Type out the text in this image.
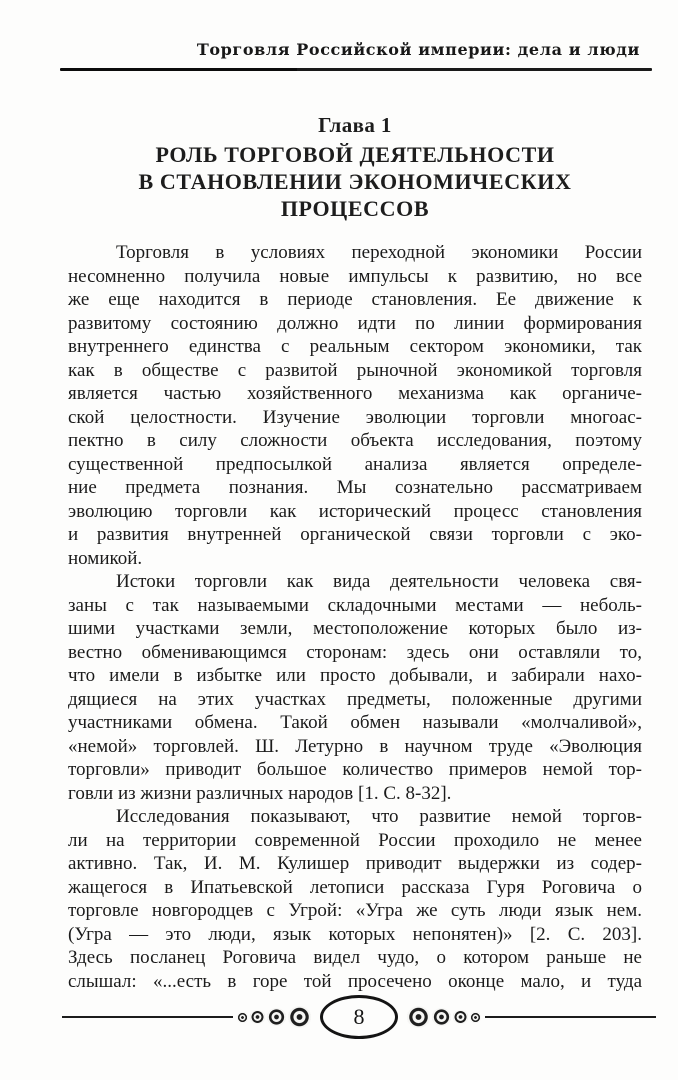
Торговля Российской империи: дела и люди
Глава 1
РОЛЬ ТОРГОВОЙ ДЕЯТЕЛЬНОСТИ
В СТАНОВЛЕНИИ ЭКОНОМИЧЕСКИХ
ПРОЦЕССОВ
Торговля в условиях переходной экономики России
несомненно получила новые импульсы к развитию, но все
же еще находится в периоде становления. Ее движение к
развитому состоянию должно идти по линии формирования
внутреннего единства с реальным сектором экономики, так
как в обществе с развитой рыночной экономикой торговля
является частью хозяйственного механизма как органиче-
ской целостности. Изучение эволюции торговли многоас-
пектно в силу сложности объекта исследования, поэтому
существенной предпосылкой анализа является определе-
ние предмета познания. Мы сознательно рассматриваем
эволюцию торговли как исторический процесс становления
и развития внутренней органической связи торговли с эко-
номикой.
Истоки торговли как вида деятельности человека свя-
заны с так называемыми складочными местами — неболь-
шими участками земли, местоположение которых было из-
вестно обменивающимся сторонам: здесь они оставляли то,
что имели в избытке или просто добывали, и забирали нахо-
дящиеся на этих участках предметы, положенные другими
участниками обмена. Такой обмен называли «молчаливой»,
«немой» торговлей. Ш. Летурно в научном труде «Эволюция
торговли» приводит большое количество примеров немой тор-
говли из жизни различных народов [1. С. 8-32].
Исследования показывают, что развитие немой торгов-
ли на территории современной России проходило не менее
активно. Так, И. М. Кулишер приводит выдержки из содер-
жащегося в Ипатьевской летописи рассказа Гуря Роговича о
торговле новгородцев с Угрой: «Угра же суть люди язык нем.
(Угра — это люди, язык которых непонятен)» [2. С. 203].
Здесь посланец Роговича видел чудо, о котором раньше не
слышал: «...есть в горе той просечено оконце мало, и туда
8
